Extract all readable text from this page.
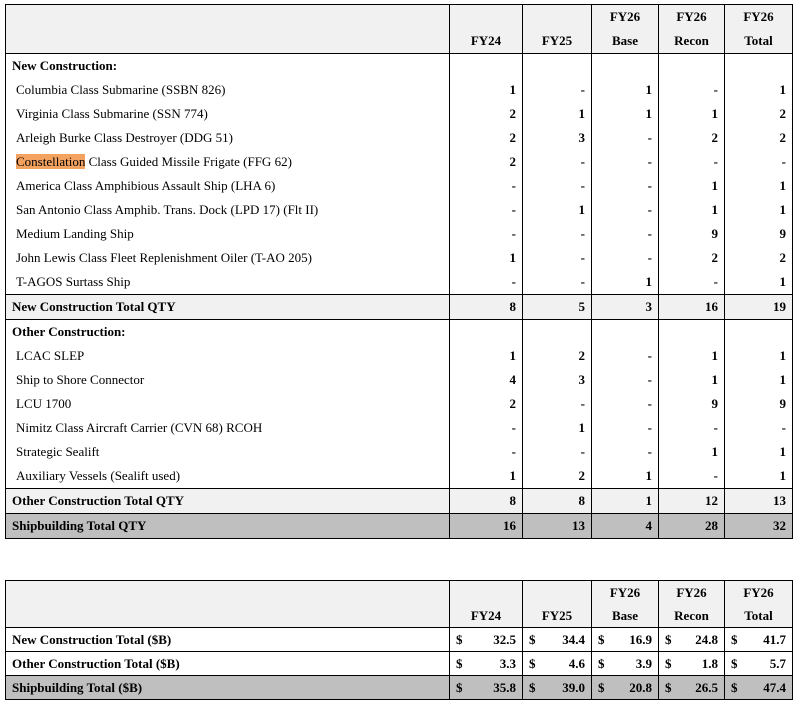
			FY26	FY26	FY26
	FY24	FY25	Base	Recon	Total
New Construction:					
Columbia Class Submarine (SSBN 826)	1	-	1	-	1
Virginia Class Submarine (SSN 774)	2	1	1	1	2
Arleigh Burke Class Destroyer (DDG 51)	2	3	-	2	2
Constellation Class Guided Missile Frigate (FFG 62)	2	-	-	-	-
America Class Amphibious Assault Ship (LHA 6)	-	-	-	1	1
San Antonio Class Amphib. Trans. Dock (LPD 17) (Flt II)	-	1	-	1	1
Medium Landing Ship	-	-	-	9	9
John Lewis Class Fleet Replenishment Oiler (T-AO 205)	1	-	-	2	2
T-AGOS Surtass Ship	-	-	1	-	1
New Construction Total QTY	8	5	3	16	19
Other Construction:					
LCAC SLEP	1	2	-	1	1
Ship to Shore Connector	4	3	-	1	1
LCU 1700	2	-	-	9	9
Nimitz Class Aircraft Carrier (CVN 68) RCOH	-	1	-	-	-
Strategic Sealift	-	-	-	1	1
Auxiliary Vessels (Sealift used)	1	2	1	-	1
Other Construction Total QTY	8	8	1	12	13
Shipbuilding Total QTY	16	13	4	28	32
			FY26	FY26	FY26
	FY24	FY25	Base	Recon	Total
New Construction Total ($B)	$ 32.5	$ 34.4	$ 16.9	$ 24.8	$ 41.7

Other Construction Total ($B)	$ 3.3	$ 4.6	$ 3.9	$ 1.8	$ 5.7

Shipbuilding Total ($B)	$ 35.8	$ 39.0	$ 20.8	$ 26.5	$ 47.4
